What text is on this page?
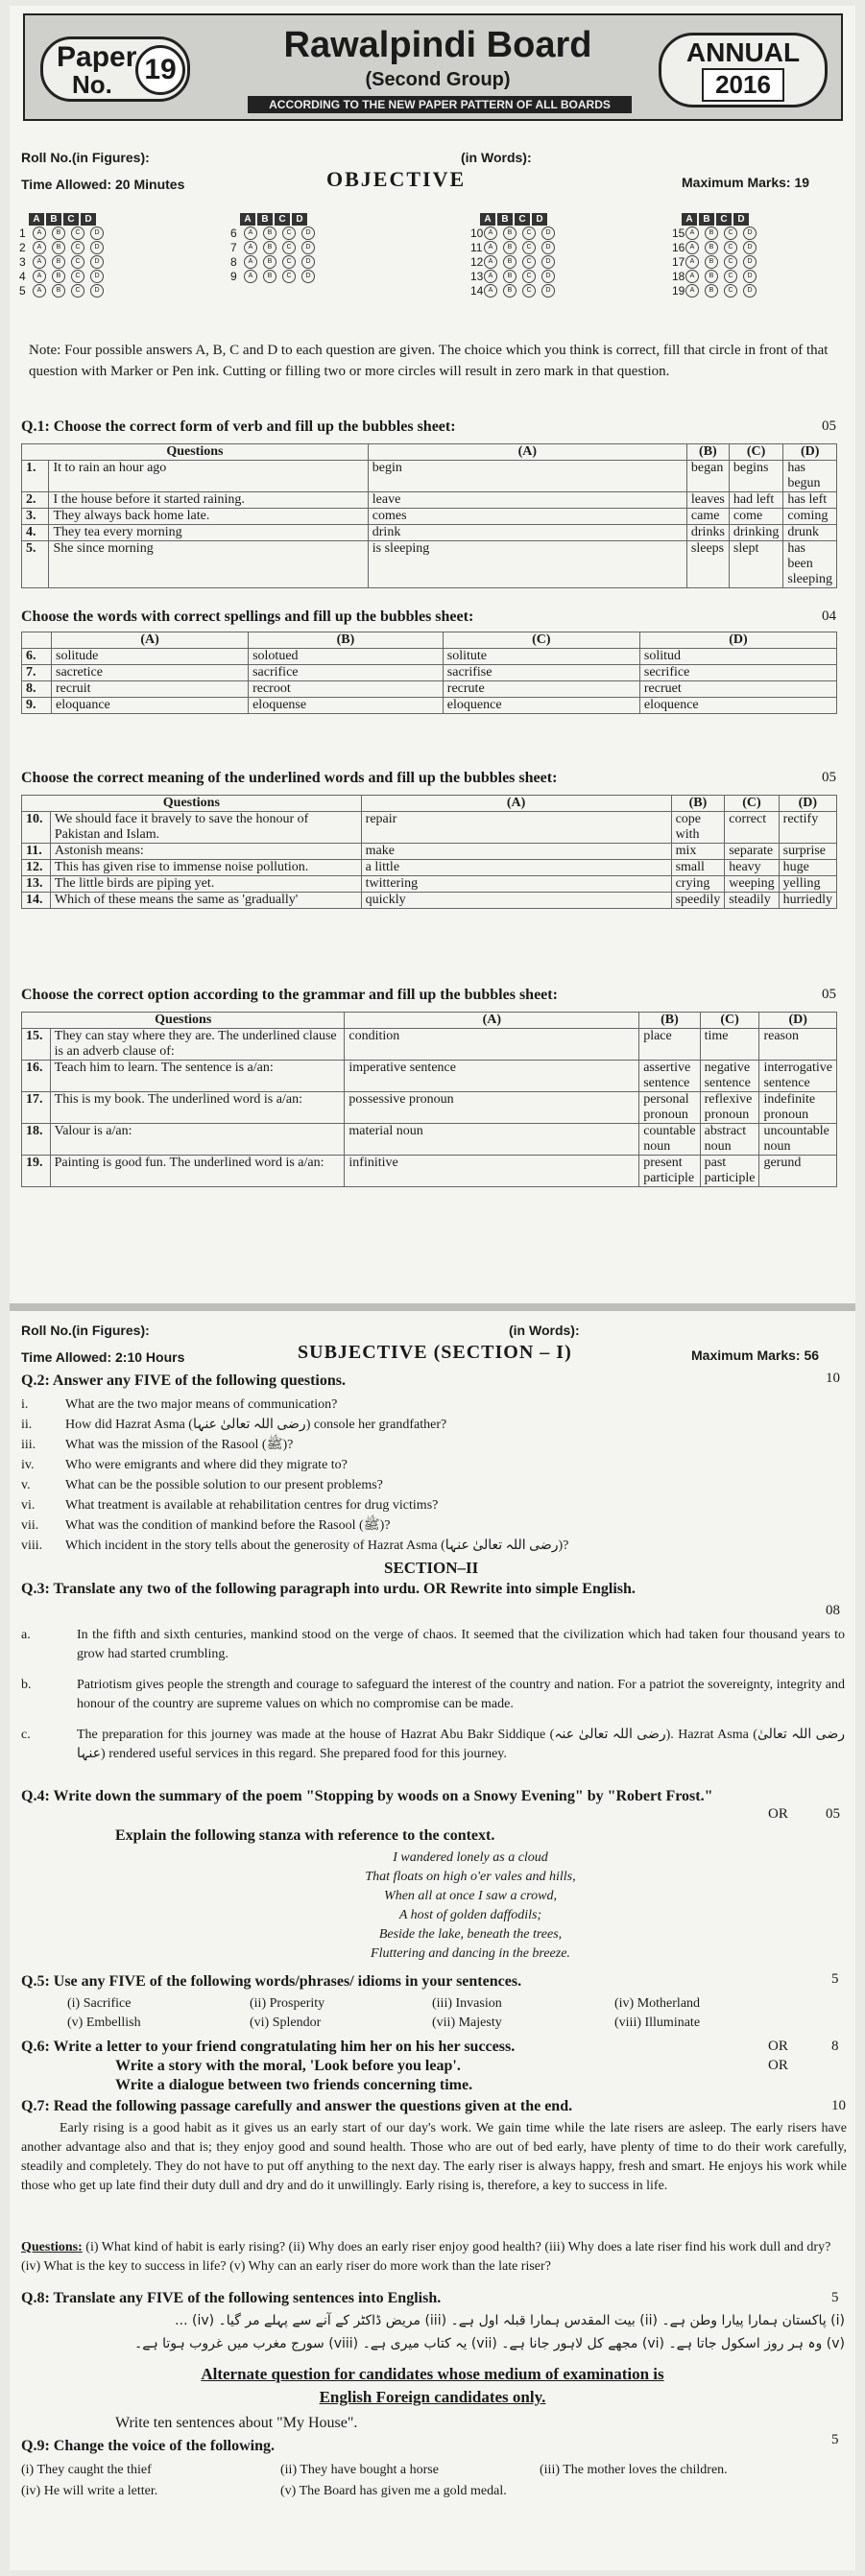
Paper
No.	19
Rawalpindi Board
(Second Group)
ACCORDING TO THE NEW PAPER PATTERN OF ALL BOARDS
ANNUAL
2016
Roll No.(in Figures):	(in Words):
Time Allowed: 20 Minutes	OBJECTIVE	Maximum Marks: 19
A	B	C	D
1	A	B	C	D
2	A	B	C	D
3	A	B	C	D
4	A	B	C	D
5	A	B	C	D
A	B	C	D
6	A	B	C	D
7	A	B	C	D
8	A	B	C	D
9	A	B	C	D
A	B	C	D
10 A	B	C	D
11 A	B	C	D
12 A	B	C	D
13 A	B	C	D
14 A	B	C	D
A	B	C	D
15 A	B	C	D
16 A	B	C	D
17 A	B	C	D
18 A	B	C	D
19 A	B	C	D
Note: Four possible answers A, B, C and D to each question are given. The choice which you think is correct, fill that circle in front of that question with Marker or Pen ink. Cutting or filling two or more circles will result in zero mark in that question.
Q.1: Choose the correct form of verb and fill up the bubbles sheet:	05
Questions		(A)	(B)	(C)	(D)
1.	It to rain an hour ago	begin	began	begins	has begun
2.	I the house before it started raining.	leave	leaves	had left	has left
3.	They always back home late.	comes	came	come	coming
4.	They tea every morning	drink	drinks	drinking	drunk
5.	She since morning	is sleeping	sleeps	slept	has been sleeping
Choose the words with correct spellings and fill up the bubbles sheet:	04
	(A)	(B)	(C)	(D)
6.	solitude	solotued	solitute	solitud
7.	sacretice	sacrifice	sacrifise	secrifice
8.	recruit	recroot	recrute	recruet
9.	eloquance	eloquense	eloquence	eloquence
Choose the correct meaning of the underlined words and fill up the bubbles sheet:	05
Questions		(A)	(B)	(C)	(D)
10.	We should face it bravely to save the honour of Pakistan and Islam.	repair	cope with	correct	rectify
11.	Astonish means:	make	mix	separate	surprise
12.	This has given rise to immense noise pollution.	a little	small	heavy	huge
13.	The little birds are piping yet.	twittering	crying	weeping	yelling
14.	Which of these means the same as 'gradually'	quickly	speedily	steadily	hurriedly
Choose the correct option according to the grammar and fill up the bubbles sheet:	05
Questions		(A)	(B)	(C)	(D)
15.	They can stay where they are. The underlined clause is an adverb clause of:	condition	place	time	reason
16.	Teach him to learn. The sentence is a/an:	imperative sentence	assertive sentence	negative sentence	interrogative sentence
17.	This is my book. The underlined word is a/an:	possessive pronoun	personal pronoun	reflexive pronoun	indefinite pronoun
18.	Valour is a/an:	material noun	countable noun	abstract noun	uncountable noun
19.	Painting is good fun. The underlined word is a/an:	infinitive	present participle	past participle	gerund
Roll No.(in Figures):	(in Words):
Time Allowed: 2:10 Hours	SUBJECTIVE (SECTION – I)	Maximum Marks: 56
Q.2: Answer any FIVE of the following questions.	10
i.	What are the two major means of communication?
ii. How did Hazrat Asma (رضی اللہ تعالیٰ عنہا) console her grandfather?
iii. What was the mission of the Rasool (ﷺ)?
iv. Who were emigrants and where did they migrate to?
v.	What can be the possible solution to our present problems?
vi. What treatment is available at rehabilitation centres for drug victims?
vii. What was the condition of mankind before the Rasool (ﷺ)?
viii. Which incident in the story tells about the generosity of Hazrat Asma (رضی اللہ تعالیٰ عنہا)?
SECTION–II
Q.3: Translate any two of the following paragraph into urdu. OR Rewrite into simple English.
08
a.	In the fifth and sixth centuries, mankind stood on the verge of chaos. It seemed that the civilization which had taken four thousand years to grow had started crumbling.
b.	Patriotism gives people the strength and courage to safeguard the interest of the country and nation. For a patriot the sovereignty, integrity and honour of the country are supreme values on which no compromise can be made.
c.	The preparation for this journey was made at the house of Hazrat Abu Bakr Siddique (رضی اللہ تعالیٰ عنہ). Hazrat Asma (رضی اللہ تعالیٰ عنہا) rendered useful services in this regard. She prepared food for this journey.
Q.4: Write down the summary of the poem "Stopping by woods on a Snowy Evening" by "Robert Frost."
OR	05
Explain the following stanza with reference to the context.
I wandered lonely as a cloud
That floats on high o'er vales and hills,
When all at once I saw a crowd,
A host of golden daffodils;
Beside the lake, beneath the trees,
Fluttering and dancing in the breeze.
Q.5: Use any FIVE of the following words/phrases/ idioms in your sentences.	5
(i) Sacrifice	(ii) Prosperity	(iii) Invasion	(iv) Motherland
(v) Embellish	(vi) Splendor	(vii) Majesty	(viii) Illuminate
Q.6: Write a letter to your friend congratulating him her on his her success.	OR	8
Write a story with the moral, 'Look before you leap'.	OR
Write a dialogue between two friends concerning time.
Q.7: Read the following passage carefully and answer the questions given at the end.	10
Early rising is a good habit as it gives us an early start of our day's work. We gain time while the late risers are asleep. The early risers have another advantage also and that is; they enjoy good and sound health. Those who are out of bed early, have plenty of time to do their work carefully, steadily and completely. They do not have to put off anything to the next day. The early riser is always happy, fresh and smart. He enjoys his work while those who get up late find their duty dull and dry and do it unwillingly. Early rising is, therefore, a key to success in life.
Questions: (i) What kind of habit is early rising? (ii) Why does an early riser enjoy good health? (iii) Why does a late riser find his work dull and dry? (iv) What is the key to success in life? (v) Why can an early riser do more work than the late riser?
Q.8: Translate any FIVE of the following sentences into English.	5
(i) پاکستان ہمارا پیارا وطن ہے۔ (ii) بیت المقدس ہمارا قبلہ اول ہے۔ (iii) مریض ڈاکٹر کے آنے سے پہلے مر گیا۔ (iv) ...
(v) وہ ہر روز اسکول جاتا ہے۔ (vi) مجھے کل لاہور جانا ہے۔ (vii) یہ کتاب میری ہے۔ (viii) سورج مغرب میں غروب ہوتا ہے۔
Alternate question for candidates whose medium of examination is
English Foreign candidates only.
Write ten sentences about "My House".
Q.9: Change the voice of the following.	5
(i) They caught the thief	(ii) They have bought a horse	(iii) The mother loves the children.
(iv) He will write a letter.	(v) The Board has given me a gold medal.
